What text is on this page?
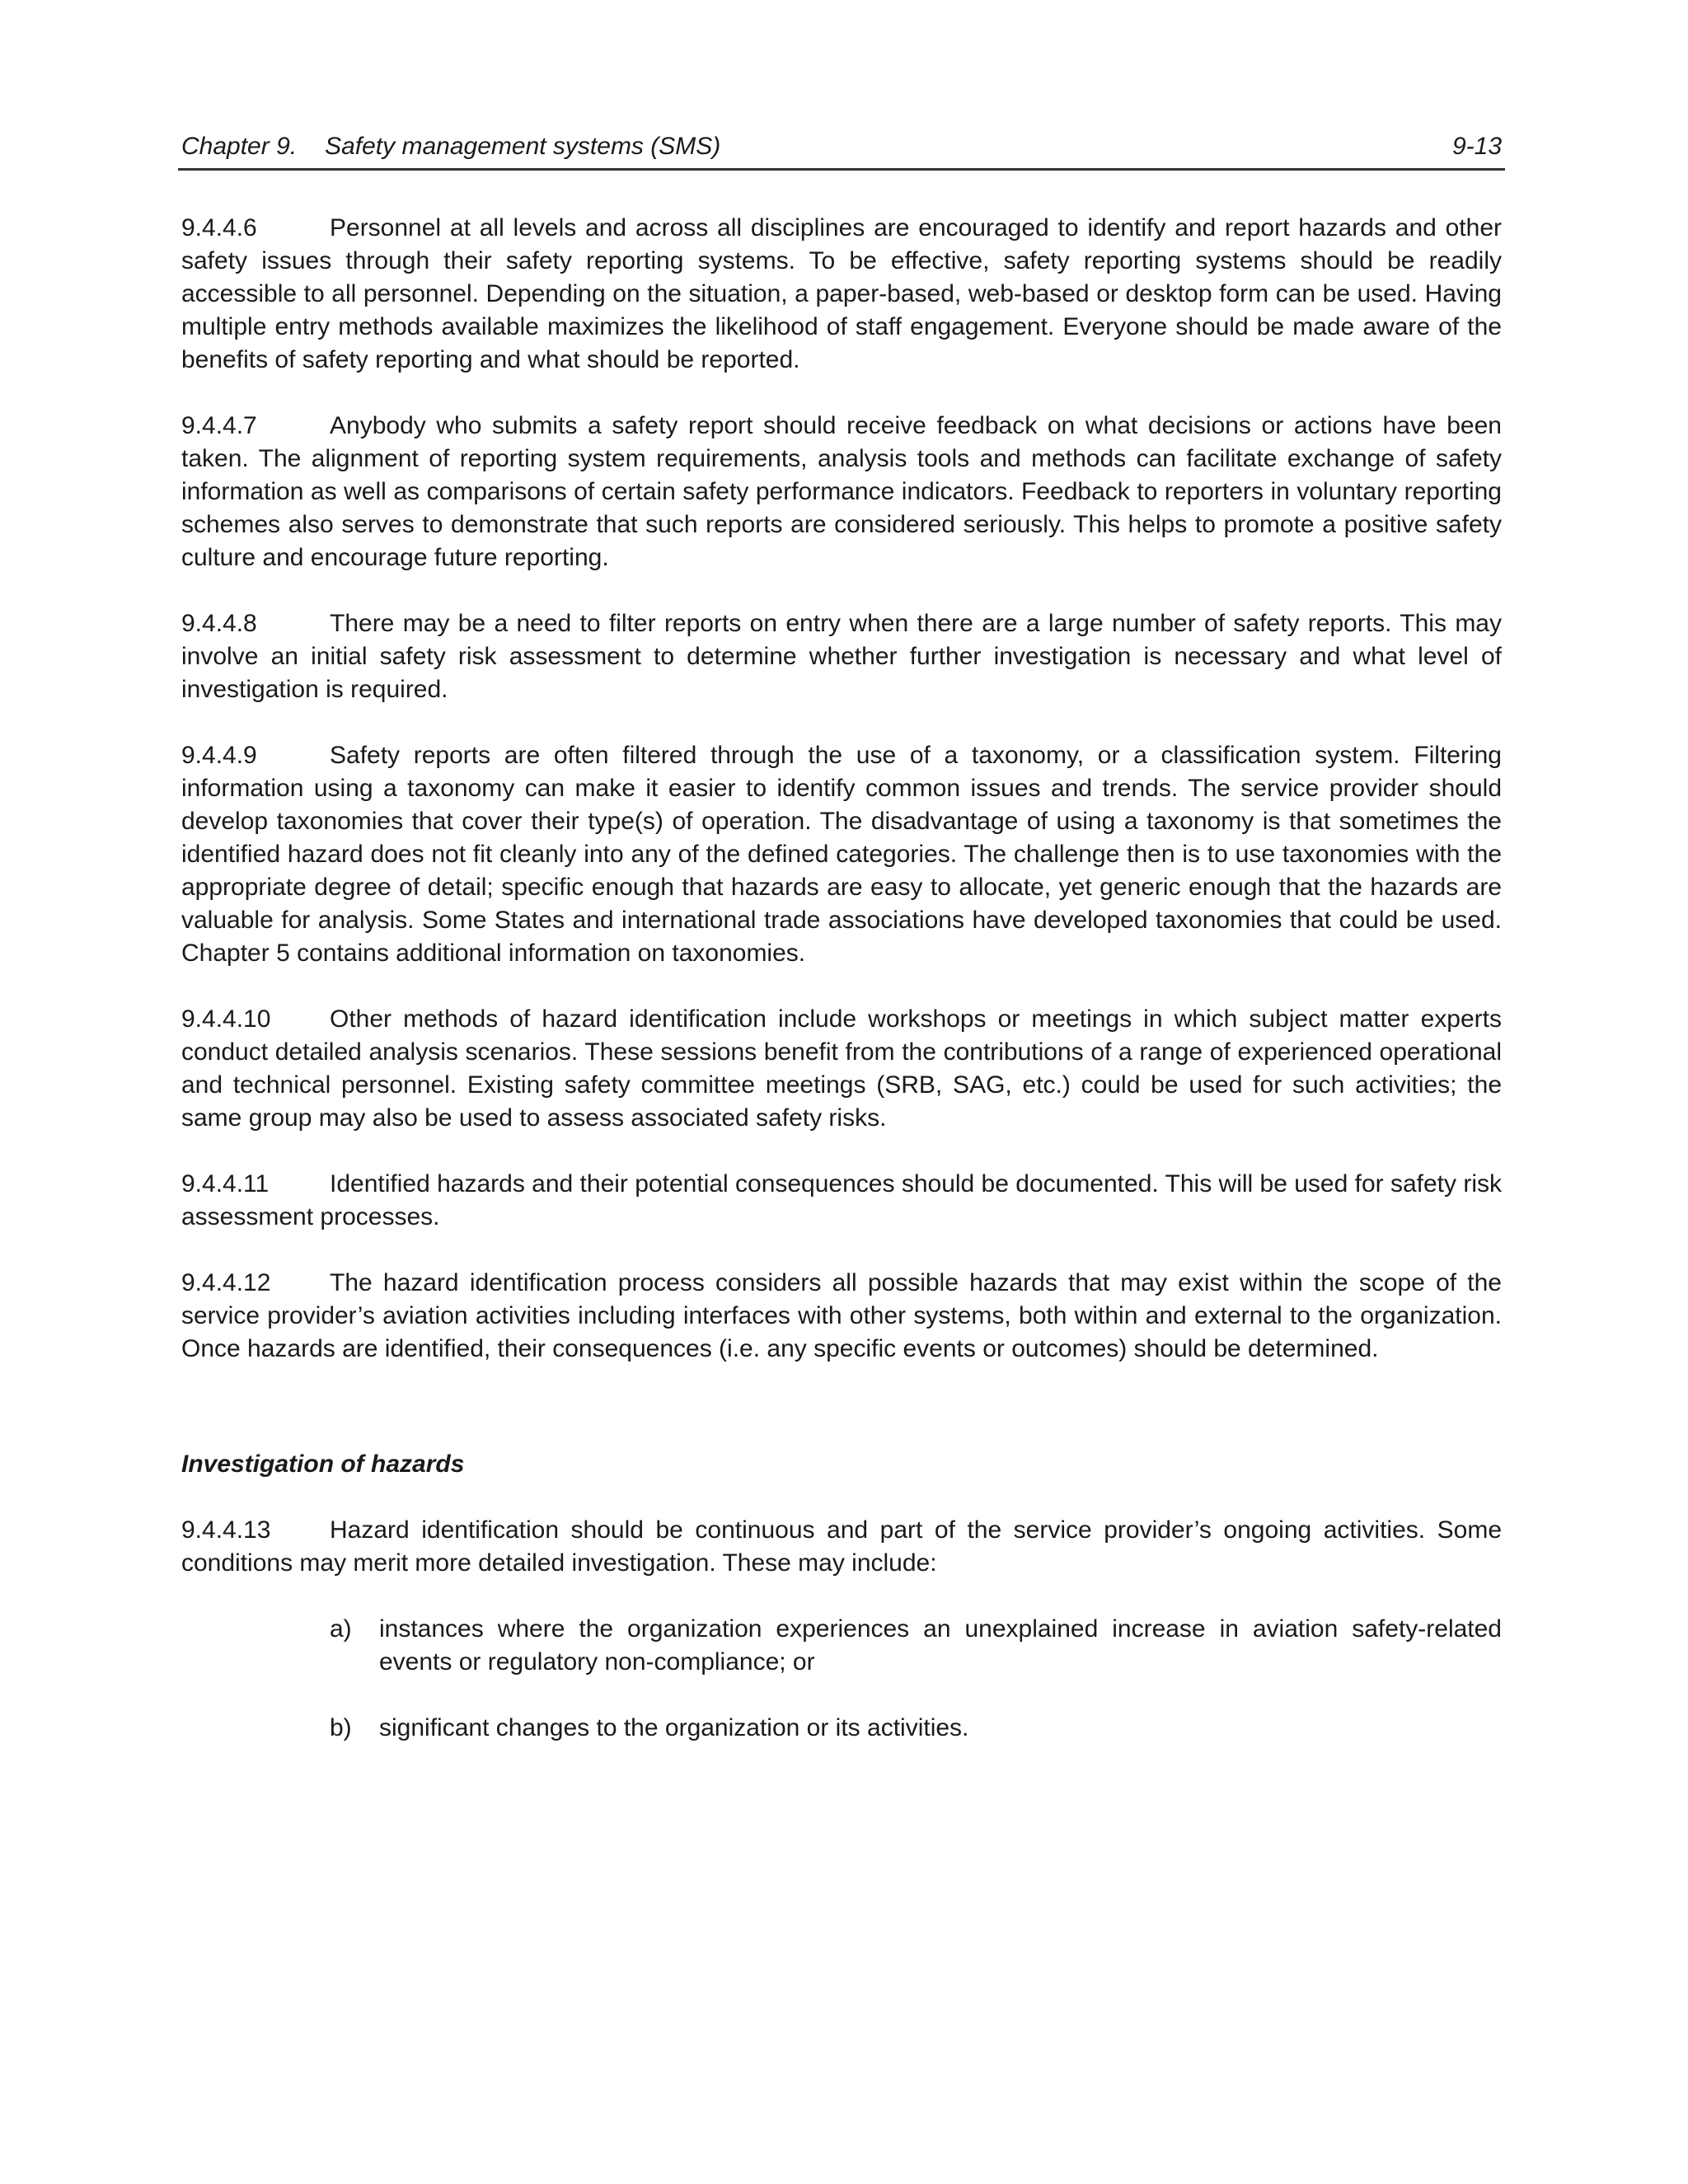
Chapter 9. Safety management systems (SMS)	9-13

9.4.4.6	Personnel at all levels and across all disciplines are encouraged to identify and report hazards and other safety issues through their safety reporting systems. To be effective, safety reporting systems should be readily accessible to all personnel. Depending on the situation, a paper-based, web-based or desktop form can be used. Having multiple entry methods available maximizes the likelihood of staff engagement. Everyone should be made aware of the benefits of safety reporting and what should be reported.

9.4.4.7	Anybody who submits a safety report should receive feedback on what decisions or actions have been taken. The alignment of reporting system requirements, analysis tools and methods can facilitate exchange of safety information as well as comparisons of certain safety performance indicators. Feedback to reporters in voluntary reporting schemes also serves to demonstrate that such reports are considered seriously. This helps to promote a positive safety culture and encourage future reporting.

9.4.4.8	There may be a need to filter reports on entry when there are a large number of safety reports. This may involve an initial safety risk assessment to determine whether further investigation is necessary and what level of investigation is required.

9.4.4.9	Safety reports are often filtered through the use of a taxonomy, or a classification system. Filtering information using a taxonomy can make it easier to identify common issues and trends. The service provider should develop taxonomies that cover their type(s) of operation. The disadvantage of using a taxonomy is that sometimes the identified hazard does not fit cleanly into any of the defined categories. The challenge then is to use taxonomies with the appropriate degree of detail; specific enough that hazards are easy to allocate, yet generic enough that the hazards are valuable for analysis. Some States and international trade associations have developed taxonomies that could be used. Chapter 5 contains additional information on taxonomies.

9.4.4.10 Other methods of hazard identification include workshops or meetings in which subject matter experts conduct detailed analysis scenarios. These sessions benefit from the contributions of a range of experienced operational and technical personnel. Existing safety committee meetings (SRB, SAG, etc.) could be used for such activities; the same group may also be used to assess associated safety risks.

9.4.4.11 Identified hazards and their potential consequences should be documented. This will be used for safety risk assessment processes.

9.4.4.12 The hazard identification process considers all possible hazards that may exist within the scope of the service provider’s aviation activities including interfaces with other systems, both within and external to the organization. Once hazards are identified, their consequences (i.e. any specific events or outcomes) should be determined.

Investigation of hazards

9.4.4.13 Hazard identification should be continuous and part of the service provider’s ongoing activities. Some conditions may merit more detailed investigation. These may include:

a)	instances where the organization experiences an unexplained increase in aviation safety-related events or regulatory non-compliance; or
b)	significant changes to the organization or its activities.
